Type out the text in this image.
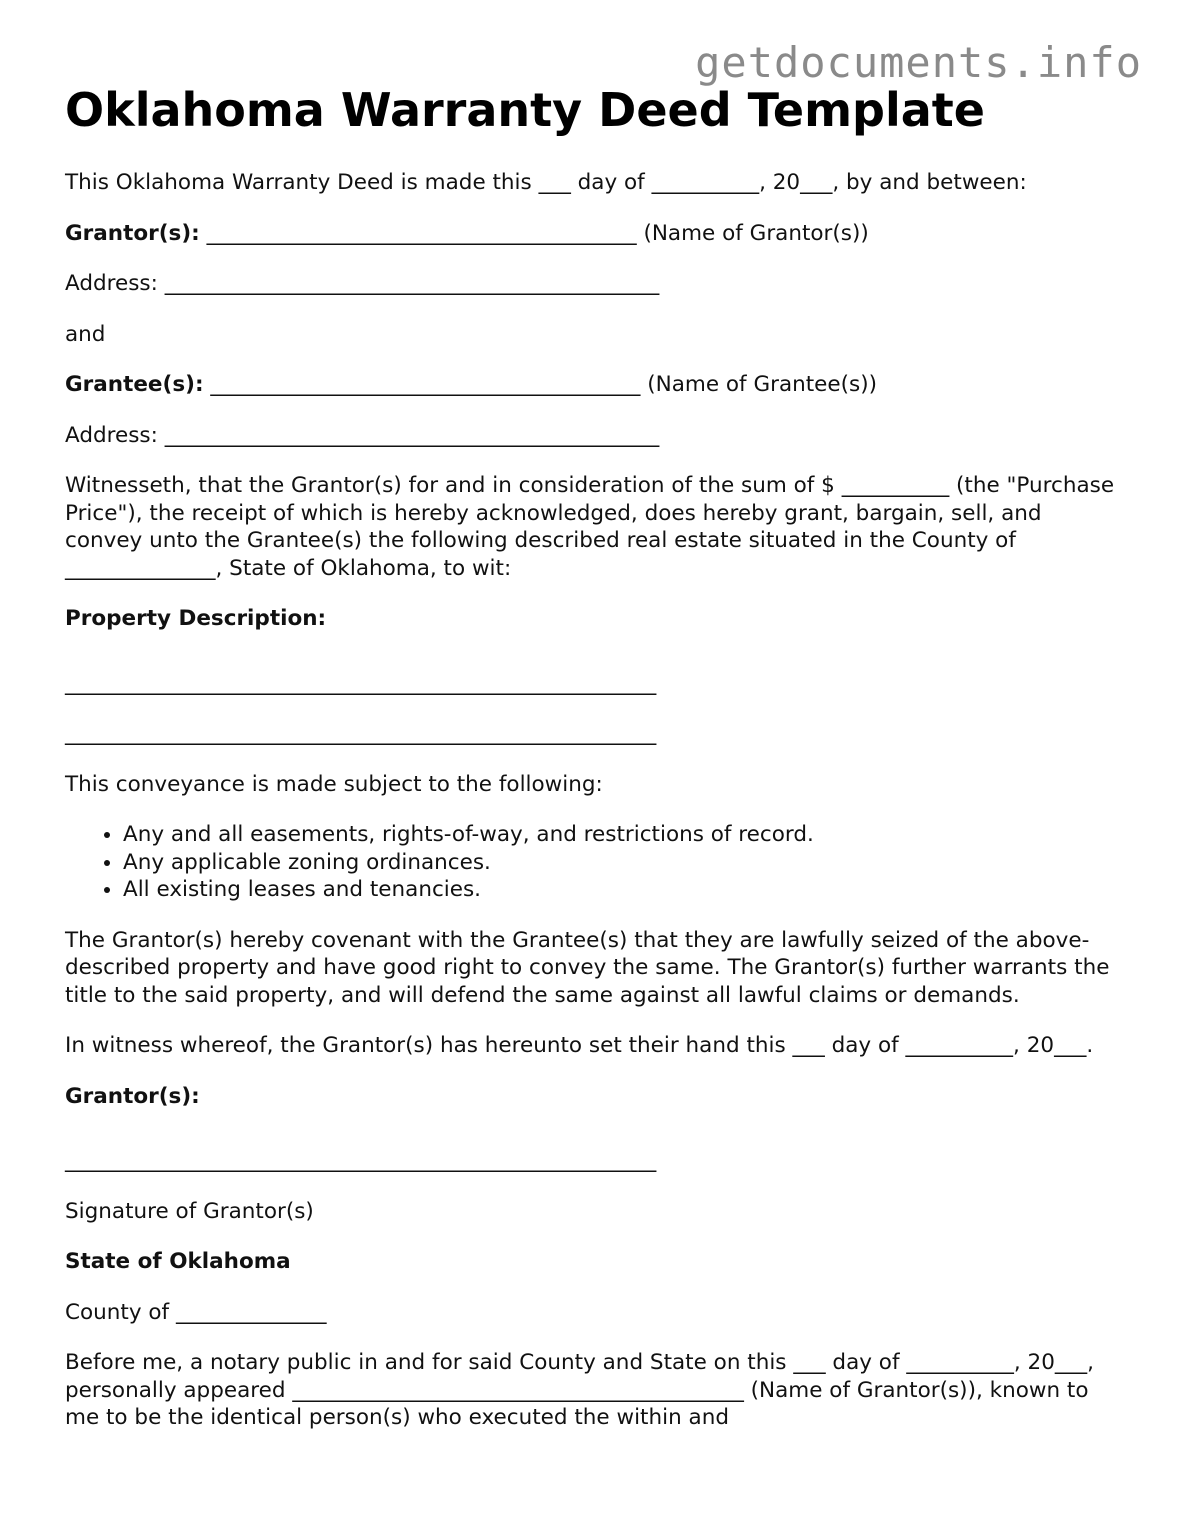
getdocuments.info
Oklahoma Warranty Deed Template

This Oklahoma Warranty Deed is made this ___ day of __________, 20___, by and between:

Grantor(s): ________________________________________ (Name of Grantor(s))

Address: ______________________________________________

and

Grantee(s): ________________________________________ (Name of Grantee(s))

Address: ______________________________________________

Witnesseth, that the Grantor(s) for and in consideration of the sum of $ __________ (the "Purchase Price"), the receipt of which is hereby acknowledged, does hereby grant, bargain, sell, and convey unto the Grantee(s) the following described real estate situated in the County of ______________, State of Oklahoma, to wit:

Property Description:

_______________________________________________________

_______________________________________________________

This conveyance is made subject to the following:

• Any and all easements, rights-of-way, and restrictions of record.
• Any applicable zoning ordinances.
• All existing leases and tenancies.

The Grantor(s) hereby covenant with the Grantee(s) that they are lawfully seized of the above-described property and have good right to convey the same. The Grantor(s) further warrants the title to the said property, and will defend the same against all lawful claims or demands.

In witness whereof, the Grantor(s) has hereunto set their hand this ___ day of __________, 20___.

Grantor(s):

_______________________________________________________

Signature of Grantor(s)

State of Oklahoma

County of ______________

Before me, a notary public in and for said County and State on this ___ day of __________, 20___, personally appeared __________________________________________ (Name of Grantor(s)), known to me to be the identical person(s) who executed the within and
